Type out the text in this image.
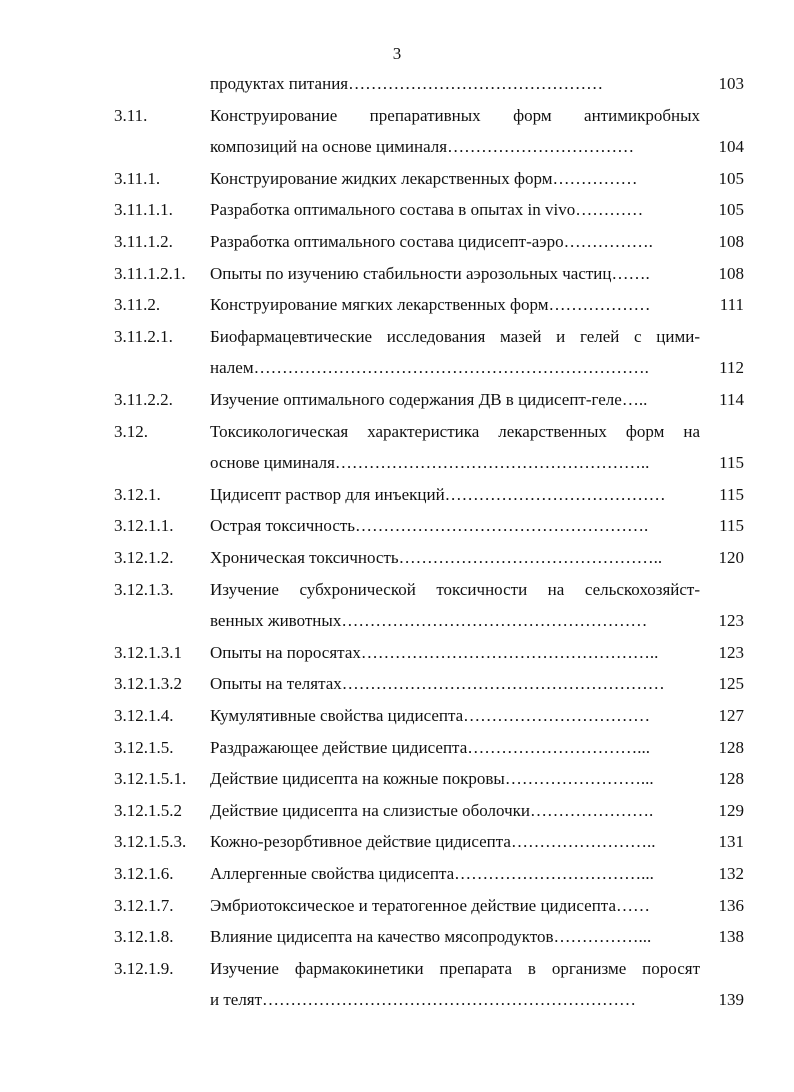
3
продуктах питания………………………………………	103
3.11.	Конструирование препаративных форм антимикробных
композиций на основе циминаля……………………………	104
3.11.1.	Конструирование жидких лекарственных форм……………	105
3.11.1.1. Разработка оптимального состава в опытах in vivo…………	105
3.11.1.2. Разработка оптимального состава цидисепт-аэро…………….	108
3.11.1.2.1. Опыты по изучению стабильности аэрозольных частиц…….	108
3.11.2.	Конструирование мягких лекарственных форм………………	111
3.11.2.1. Биофармацевтические исследования мазей и гелей с цими-
налем…………………………………………………………….	112
3.11.2.2. Изучение оптимального содержания ДВ в цидисепт-геле…..	114
3.12.	Токсикологическая характеристика лекарственных форм на
основе циминаля………………………………………………..	115
3.12.1.	Цидисепт раствор для инъекций…………………………………	115
3.12.1.1. Острая токсичность…………………………………………….	115
3.12.1.2. Хроническая токсичность………………………………………..	120
3.12.1.3. Изучение субхронической токсичности на сельскохозяйст-
венных животных………………………………………………	123
3.12.1.3.1 Опыты на поросятах……………………………………………..	123
3.12.1.3.2 Опыты на телятах…………………………………………………	125
3.12.1.4. Кумулятивные свойства цидисепта……………………………	127
3.12.1.5. Раздражающее действие цидисепта…………………………...	128
3.12.1.5.1. Действие цидисепта на кожные покровы……………………...	128
3.12.1.5.2 Действие цидисепта на слизистые оболочки………………….	129
3.12.1.5.3. Кожно-резорбтивное действие цидисепта……………………..	131
3.12.1.6. Аллергенные свойства цидисепта……………………………...	132
3.12.1.7. Эмбриотоксическое и тератогенное действие цидисепта……	136
3.12.1.8. Влияние цидисепта на качество мясопродуктов……………...	138
3.12.1.9. Изучение фармакокинетики препарата в организме поросят
и телят…………………………………………………………	139
